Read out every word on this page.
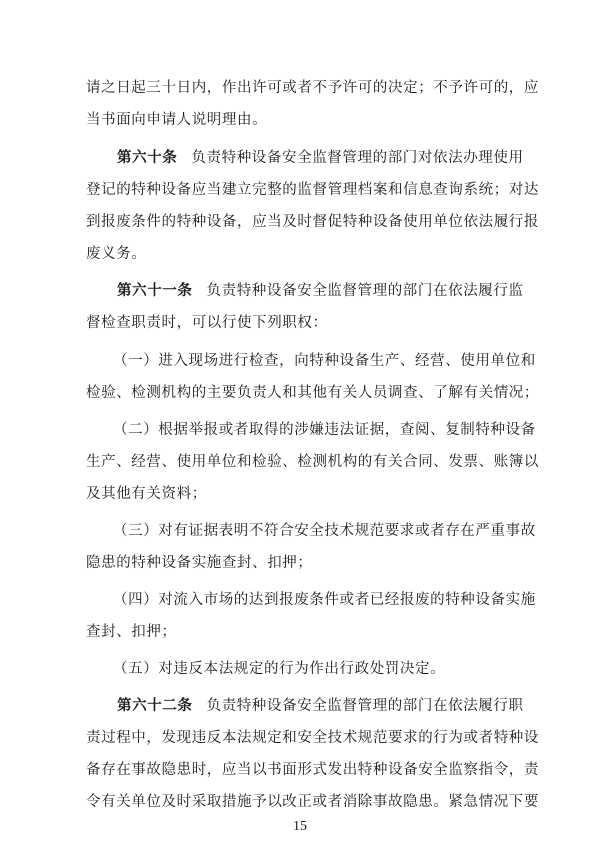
请之日起三十日内，作出许可或者不予许可的决定；不予许可的，应
当书面向申请人说明理由。
第六十条 负责特种设备安全监督管理的部门对依法办理使用
登记的特种设备应当建立完整的监督管理档案和信息查询系统；对达
到报废条件的特种设备，应当及时督促特种设备使用单位依法履行报
废义务。
第六十一条 负责特种设备安全监督管理的部门在依法履行监
督检查职责时，可以行使下列职权：
（一）进入现场进行检查，向特种设备生产、经营、使用单位和
检验、检测机构的主要负责人和其他有关人员调查、了解有关情况；
（二）根据举报或者取得的涉嫌违法证据，查阅、复制特种设备
生产、经营、使用单位和检验、检测机构的有关合同、发票、账簿以
及其他有关资料；
（三）对有证据表明不符合安全技术规范要求或者存在严重事故
隐患的特种设备实施查封、扣押；
（四）对流入市场的达到报废条件或者已经报废的特种设备实施
查封、扣押；
（五）对违反本法规定的行为作出行政处罚决定。
第六十二条 负责特种设备安全监督管理的部门在依法履行职
责过程中，发现违反本法规定和安全技术规范要求的行为或者特种设
备存在事故隐患时，应当以书面形式发出特种设备安全监察指令，责
令有关单位及时采取措施予以改正或者消除事故隐患。紧急情况下要
15
